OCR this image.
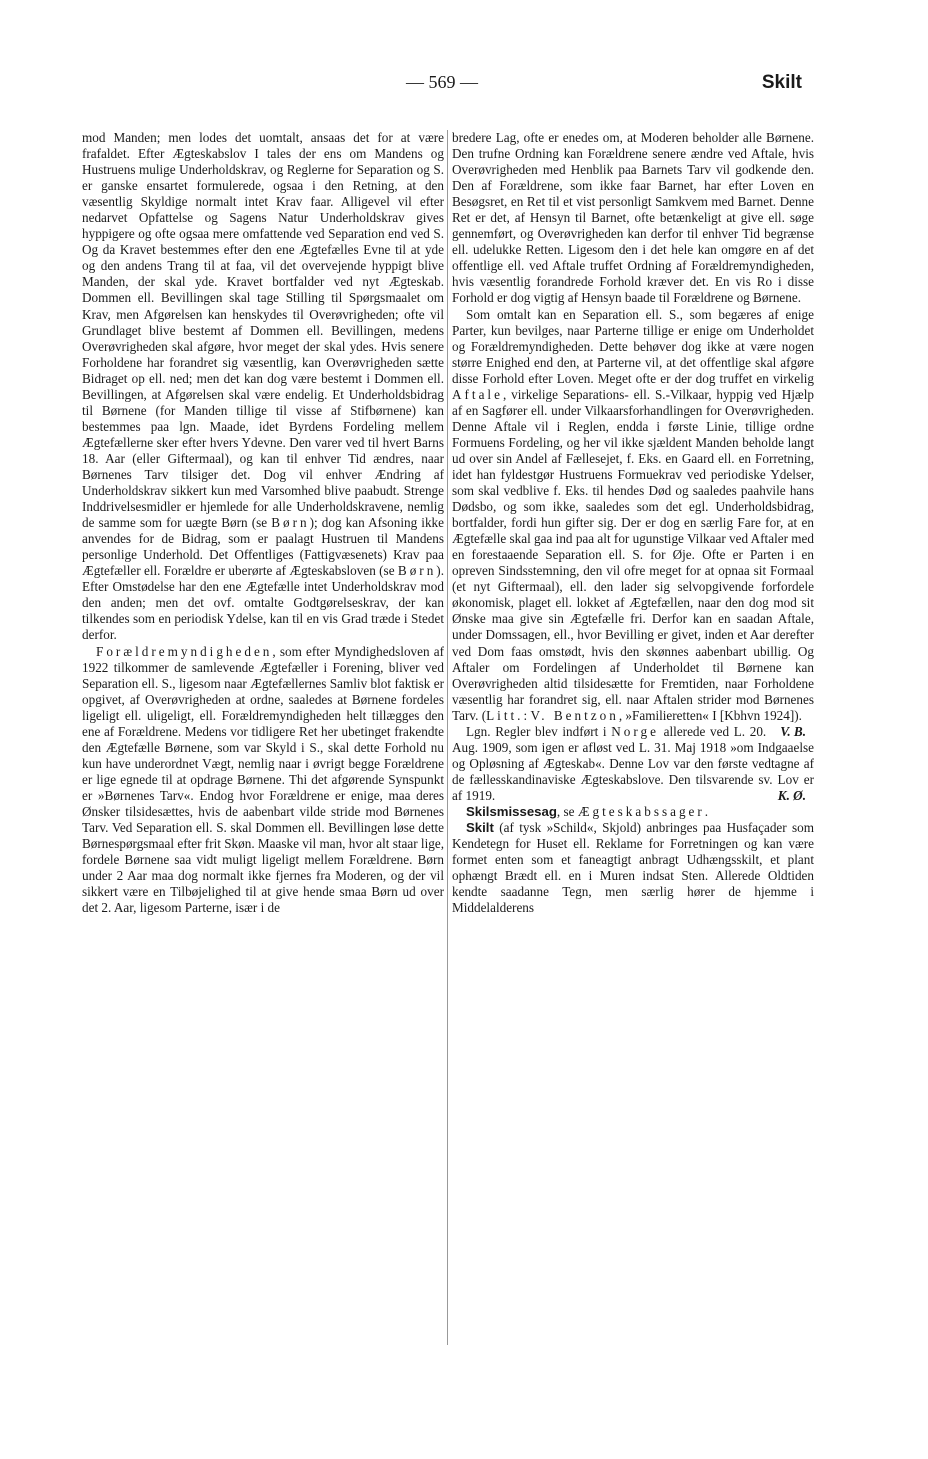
— 569 —	Skilt

mod Manden; men lodes det uomtalt, ansaas det for at være frafaldet. Efter Ægteskabslov I tales der ens om Mandens og Hustruens mulige Underholdskrav, og Reglerne for Separation og S. er ganske ensartet formulerede, ogsaa i den Retning, at den væsentlig Skyldige normalt intet Krav faar. Alligevel vil efter nedarvet Opfattelse og Sagens Natur Underholdskrav gives hyppigere og ofte ogsaa mere omfattende ved Separation end ved S. Og da Kravet bestemmes efter den ene Ægtefælles Evne til at yde og den andens Trang til at faa, vil det overvejende hyppigt blive Manden, der skal yde. Kravet bortfalder ved nyt Ægteskab. Dommen ell. Bevillingen skal tage Stilling til Spørgsmaalet om Krav, men Afgørelsen kan henskydes til Overøvrigheden; ofte vil Grundlaget blive bestemt af Dommen ell. Bevillingen, medens Overøvrigheden skal afgøre, hvor meget der skal ydes. Hvis senere Forholdene har forandret sig væsentlig, kan Overøvrigheden sætte Bidraget op ell. ned; men det kan dog være bestemt i Dommen ell. Bevillingen, at Afgørelsen skal være endelig. Et Underholdsbidrag til Børnene (for Manden tillige til visse af Stifbørnene) kan bestemmes paa lgn. Maade, idet Byrdens Fordeling mellem Ægtefællerne sker efter hvers Ydevne. Den varer ved til hvert Barns 18. Aar (eller Giftermaal), og kan til enhver Tid ændres, naar Børnenes Tarv tilsiger det. Dog vil enhver Ændring af Underholdskrav sikkert kun med Varsomhed blive paabudt. Strenge Inddrivelsesmidler er hjemlede for alle Underholdskravene, nemlig de samme som for uægte Børn (se Børn); dog kan Afsoning ikke anvendes for de Bidrag, som er paalagt Hustruen til Mandens personlige Underhold. Det Offentliges (Fattigvæsenets) Krav paa Ægtefæller ell. Forældre er uberørte af Ægteskabsloven (se Børn). Efter Omstødelse har den ene Ægtefælle intet Underholdskrav mod den anden; men det ovf. omtalte Godtgørelseskrav, der kan tilkendes som en periodisk Ydelse, kan til en vis Grad træde i Stedet derfor.

Forældremyndigheden, som efter Myndighedsloven af 1922 tilkommer de samlevende Ægtefæller i Forening, bliver ved Separation ell. S., ligesom naar Ægtefællernes Samliv blot faktisk er opgivet, af Overøvrigheden at ordne, saaledes at Børnene fordeles ligeligt ell. uligeligt, ell. Forældremyndigheden helt tillægges den ene af Forældrene. Medens vor tidligere Ret her ubetinget frakendte den Ægtefælle Børnene, som var Skyld i S., skal dette Forhold nu kun have underordnet Vægt, nemlig naar i øvrigt begge Forældrene er lige egnede til at opdrage Børnene. Thi det afgørende Synspunkt er »Børnenes Tarv«. Endog hvor Forældrene er enige, maa deres Ønsker tilsidesættes, hvis de aabenbart vilde stride mod Børnenes Tarv. Ved Separation ell. S. skal Dommen ell. Bevillingen løse dette Børnespørgsmaal efter frit Skøn. Maaske vil man, hvor alt staar lige, fordele Børnene saa vidt muligt ligeligt mellem Forældrene. Børn under 2 Aar maa dog normalt ikke fjernes fra Moderen, og der vil sikkert være en Tilbøjelighed til at give hende smaa Børn ud over det 2. Aar, ligesom Parterne, især i de

bredere Lag, ofte er enedes om, at Moderen beholder alle Børnene. Den trufne Ordning kan Forældrene senere ændre ved Aftale, hvis Overøvrigheden med Henblik paa Barnets Tarv vil godkende den. Den af Forældrene, som ikke faar Barnet, har efter Loven en Besøgsret, en Ret til et vist personligt Samkvem med Barnet. Denne Ret er det, af Hensyn til Barnet, ofte betænkeligt at give ell. søge gennemført, og Overøvrigheden kan derfor til enhver Tid begrænse ell. udelukke Retten. Ligesom den i det hele kan omgøre en af det offentlige ell. ved Aftale truffet Ordning af Forældremyndigheden, hvis væsentlig forandrede Forhold kræver det. En vis Ro i disse Forhold er dog vigtig af Hensyn baade til Forældrene og Børnene.

Som omtalt kan en Separation ell. S., som begæres af enige Parter, kun bevilges, naar Parterne tillige er enige om Underholdet og Forældremyndigheden. Dette behøver dog ikke at være nogen større Enighed end den, at Parterne vil, at det offentlige skal afgøre disse Forhold efter Loven. Meget ofte er der dog truffet en virkelig Aftale, virkelige Separations- ell. S.-Vilkaar, hyppig ved Hjælp af en Sagfører ell. under Vilkaarsforhandlingen for Overøvrigheden. Denne Aftale vil i Reglen, endda i første Linie, tillige ordne Formuens Fordeling, og her vil ikke sjældent Manden beholde langt ud over sin Andel af Fællesejet, f. Eks. en Gaard ell. en Forretning, idet han fyldestgør Hustruens Formuekrav ved periodiske Ydelser, som skal vedblive f. Eks. til hendes Død og saaledes paahvile hans Dødsbo, og som ikke, saaledes som det egl. Underholdsbidrag, bortfalder, fordi hun gifter sig. Der er dog en særlig Fare for, at en Ægtefælle skal gaa ind paa alt for ugunstige Vilkaar ved Aftaler med en forestaaende Separation ell. S. for Øje. Ofte er Parten i en opreven Sindsstemning, den vil ofre meget for at opnaa sit Formaal (et nyt Giftermaal), ell. den lader sig selvopgivende forfordele økonomisk, plaget ell. lokket af Ægtefællen, naar den dog mod sit Ønske maa give sin Ægtefælle fri. Derfor kan en saadan Aftale, under Domssagen, ell., hvor Bevilling er givet, inden et Aar derefter ved Dom faas omstødt, hvis den skønnes aabenbart ubillig. Og Aftaler om Fordelingen af Underholdet til Børnene kan Overøvrigheden altid tilsidesætte for Fremtiden, naar Forholdene væsentlig har forandret sig, ell. naar Aftalen strider mod Børnenes Tarv. (Litt.: V. Bentzon, »Familieretten« I [Kbhvn 1924]).
V. B.

Lgn. Regler blev indført i Norge allerede ved L. 20. Aug. 1909, som igen er afløst ved L. 31. Maj 1918 »om Indgaaelse og Opløsning af Ægteskab«. Denne Lov var den første vedtagne af de fællesskandinaviske Ægteskabslove. Den tilsvarende sv. Lov er af 1919.	K. Ø.

Skilsmissesag, se Ægteskabssager.

Skilt (af tysk »Schild«, Skjold) anbringes paa Husfaçader som Kendetegn for Huset ell. Reklame for Forretningen og kan være formet enten som et faneagtigt anbragt Udhængsskilt, et plant ophængt Brædt ell. en i Muren indsat Sten. Allerede Oldtiden kendte saadanne Tegn, men særlig hører de hjemme i Middelalderens
